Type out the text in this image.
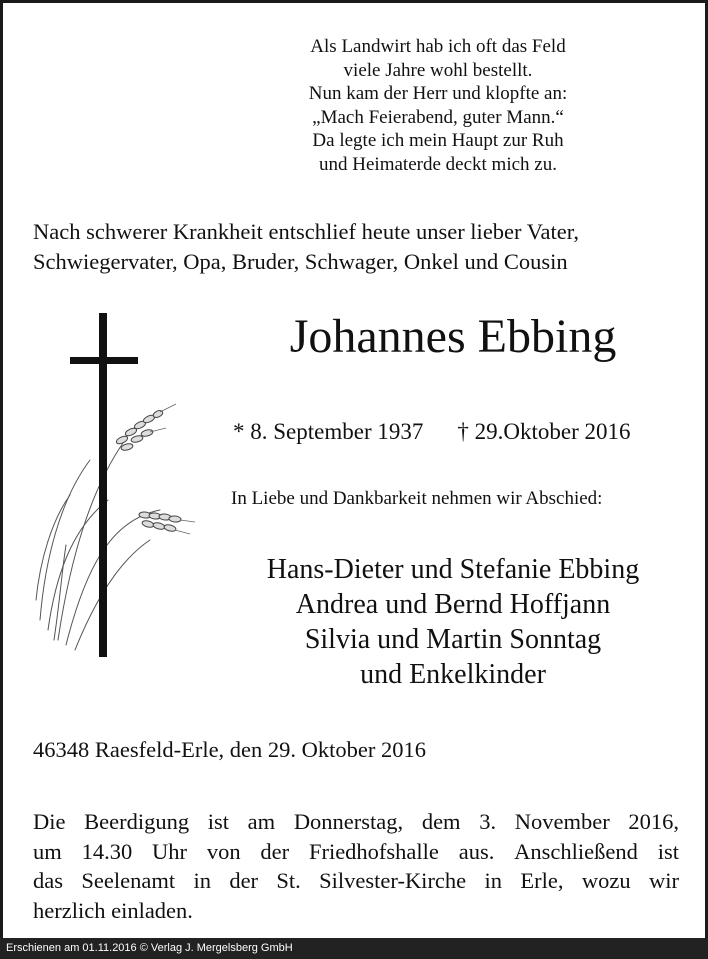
Als Landwirt hab ich oft das Feld
viele Jahre wohl bestellt.
Nun kam der Herr und klopfte an:
„Mach Feierabend, guter Mann.“
Da legte ich mein Haupt zur Ruh
und Heimaterde deckt mich zu.
Nach schwerer Krankheit entschlief heute unser lieber Vater,
Schwiegervater, Opa, Bruder, Schwager, Onkel und Cousin
Johannes Ebbing
* 8. September 1937 † 29.Oktober 2016
In Liebe und Dankbarkeit nehmen wir Abschied:
Hans-Dieter und Stefanie Ebbing
Andrea und Bernd Hoffjann
Silvia und Martin Sonntag
und Enkelkinder
46348 Raesfeld-Erle, den 29. Oktober 2016
Die Beerdigung ist am Donnerstag, dem 3. November 2016,
um 14.30 Uhr von der Friedhofshalle aus. Anschließend ist
das Seelenamt in der St. Silvester-Kirche in Erle, wozu wir
herzlich einladen.
Erschienen am 01.11.2016 © Verlag J. Mergelsberg GmbH
